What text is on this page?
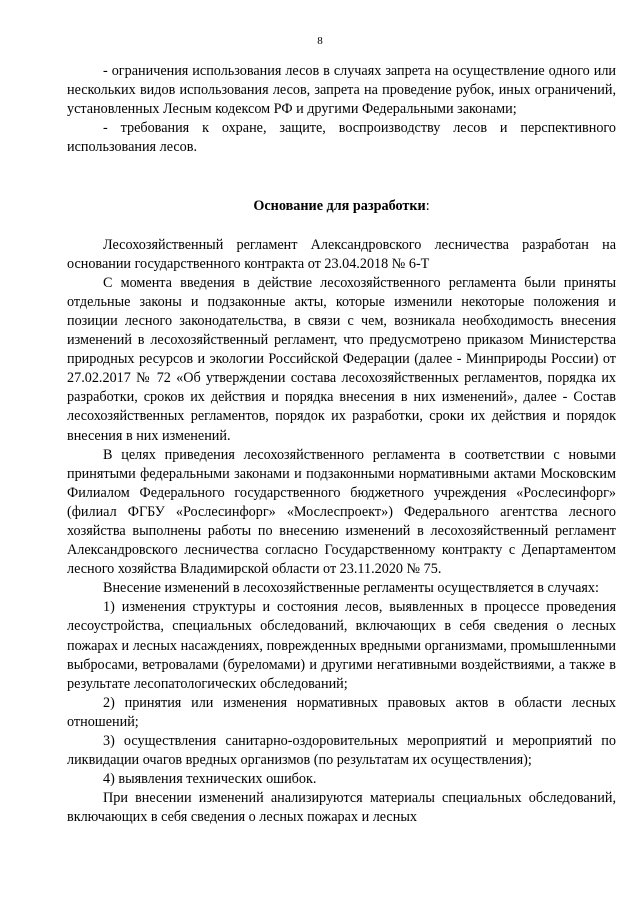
8

- ограничения использования лесов в случаях запрета на осуществление одного или нескольких видов использования лесов, запрета на проведение рубок, иных ограничений, установленных Лесным кодексом РФ и другими Федеральными законами;

- требования к охране, защите, воспроизводству лесов и перспективного использования лесов.

Основание для разработки:

Лесохозяйственный регламент Александровского лесничества разработан на основании государственного контракта от 23.04.2018 № 6-Т

С момента введения в действие лесохозяйственного регламента были приняты отдельные законы и подзаконные акты, которые изменили некоторые положения и позиции лесного законодательства, в связи с чем, возникала необходимость внесения изменений в лесохозяйственный регламент, что предусмотрено приказом Министерства природных ресурсов и экологии Российской Федерации (далее - Минприроды России) от 27.02.2017 № 72 «Об утверждении состава лесохозяйственных регламентов, порядка их разработки, сроков их действия и порядка внесения в них изменений», далее - Состав лесохозяйственных регламентов, порядок их разработки, сроки их действия и порядок внесения в них изменений.

В целях приведения лесохозяйственного регламента в соответствии с новыми принятыми федеральными законами и подзаконными нормативными актами Московским Филиалом Федерального государственного бюджетного учреждения «Рослесинфорг» (филиал ФГБУ «Рослесинфорг» «Мослеспроект») Федерального агентства лесного хозяйства выполнены работы по внесению изменений в лесохозяйственный регламент Александровского лесничества согласно Государственному контракту с Департаментом лесного хозяйства Владимирской области от 23.11.2020 № 75.

Внесение изменений в лесохозяйственные регламенты осуществляется в случаях:

1) изменения структуры и состояния лесов, выявленных в процессе проведения лесоустройства, специальных обследований, включающих в себя сведения о лесных пожарах и лесных насаждениях, поврежденных вредными организмами, промышленными выбросами, ветровалами (буреломами) и другими негативными воздействиями, а также в результате лесопатологических обследований;

2) принятия или изменения нормативных правовых актов в области лесных отношений;

3) осуществления санитарно-оздоровительных мероприятий и мероприятий по ликвидации очагов вредных организмов (по результатам их осуществления);

4) выявления технических ошибок.

При внесении изменений анализируются материалы специальных обследований, включающих в себя сведения о лесных пожарах и лесных
